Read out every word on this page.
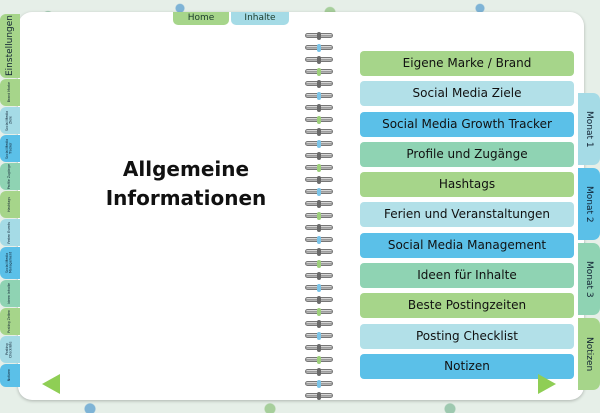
Home	Inhalte
Allgemeine Informationen
Eigene Marke / Brand
Social Media Ziele
Social Media Growth Tracker
Profile und Zugänge
Hashtags
Ferien und Veranstaltungen
Social Media Management
Ideen für Inhalte
Beste Postingzeiten
Posting Checklist
Notizen
Einstellungen
Brand Marke
Social Media Ziele
Social Media Tracker
Profile Zugänge
Hashtags
Ferien Events
Social Media Management
Ideen Inhalte
Posting Zeiten
Posting Checkliste
Notizen
Monat 1
Monat 2
Monat 3
Notizen
